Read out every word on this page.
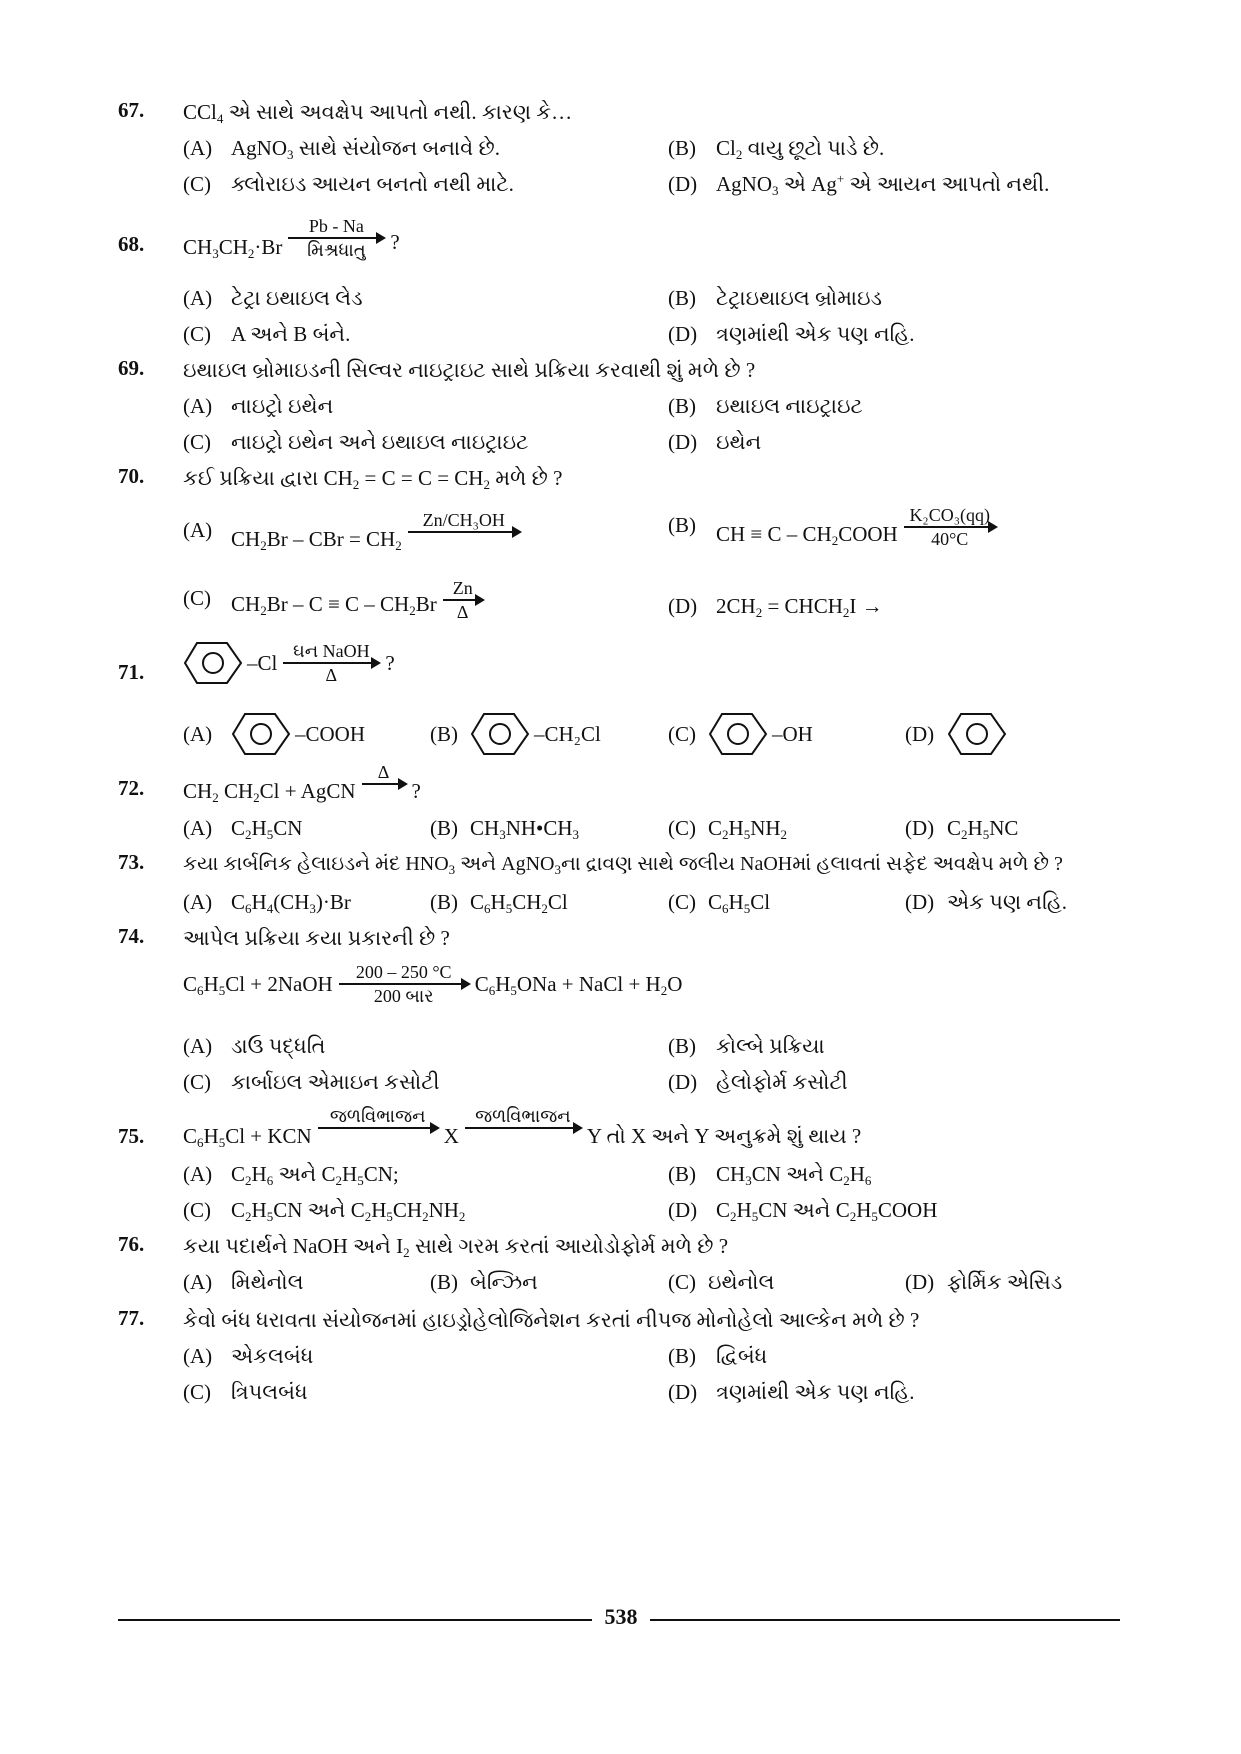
67. CCl$_4$ એ સાથે અવક્ષેપ આપતો નથી. કારણ કે…
(A) AgNO$_3$ સાથે સંયોજન બનાવે છે.	(B) $Cl_2$ વાયુ છૂટો પાડે છે.
(C) ક્લોરાઇડ આયન બનતો નથી માટે.	(D) AgNO$_3$ એ Ag+ એ આયન આપતો નથી.
68. $CH_3CH_2\cdot Br$
Pb - Na
મિશ્રધાતુ	?
(A) ટેટ્રા ઇથાઇલ લેડ	(B) ટેટ્રાઇથાઇલ બ્રોમાઇડ
(C) A અને B બંને.	(D) ત્રણમાંથી એક પણ નહિ.
69. ઇથાઇલ બ્રોમાઇડની સિલ્વર નાઇટ્રાઇટ સાથે પ્રક્રિયા કરવાથી શું મળે છે ?
(A) નાઇટ્રો ઇથેન	(B) ઇથાઇલ નાઇટ્રાઇટ
(C) નાઇટ્રો ઇથેન અને ઇથાઇલ નાઇટ્રાઇટ	(D) ઇથેન
70. કઈ પ્રક્રિયા દ્વારા $CH_2 = C = C = CH_2$ મળે છે ?
(A) $CH_2Br$ – CBr = $CH_2$
Zn/CH₃OH
	(B) CH ≡ C – $CH_2COOH \frac{\text{K₂CO₃(qq)}}{40^\circ C}$
(C) $CH_2Br - C \equiv C - CH_2Br \frac{Zn}{\Delta}$	(D) $2CH_2$ = $CHCH_2I$ →
71.	–Cl ઘન NaOH
Δ	?
(A)	–COOH	(B)	–CH₂Cl	(C)	–OH	(D)
72. $CH_2$ $CH_2Cl$ + AgCN
Δ

?
(A) $C_2H_5CN$	(B) $CH_3NH•CH_3$	(C) $C_2H_5NH_2$	(D) $C_2H_5NC$
73. કયા કાર્બનિક હેલાઇડને મંદ $HNO_3$ અને AgNO$_3$ના દ્રાવણ સાથે જલીય NaOHમાં હલાવતાં સફેદ અવક્ષેપ મળે છે ?
(A) $C_6H_4(CH_3)\cdot Br$	(B) $C_6H_5CH_2Cl$	(C) $C_6H_5Cl$	(D) એક પણ નહિ.
74. આપેલ પ્રક્રિયા કયા પ્રકારની છે ?
$C_6H_5Cl$ + 2NaOH	200 – 250 °C
200 બાર	$C_6H_5ONa$ + NaCl + $H_2O$
(A) ડાઉ પદ્ધતિ	(B) કોલ્બે પ્રક્રિયા
(C) કાર્બાઇલ એમાઇન કસોટી	(D) હેલોફોર્મ કસોટી
75. $C_6H_5Cl$ + KCN
જળવિભાજન

X
જળવિભાજન

Y તો X અને Y અનુક્રમે શું થાય ?
(A) $C_2H_6$ અને $C_2H_5CN$;	(B) $CH_3CN$ અને $C_2H_6$
(C) $C_2H_5CN$ અને $C_2H_5CH_2NH_2$	(D) $C_2H_5CN$ અને $C_2H_5COOH$
76. કયા પદાર્થને NaOH અને $I_2$ સાથે ગરમ કરતાં આયોડોફોર્મ મળે છે ?
(A) મિથેનોલ	(B) બેન્ઝિન	(C) ઇથેનોલ	(D) ફોર્મિક એસિડ
77. કેવો બંધ ધરાવતા સંયોજનમાં હાઇડ્રોહેલોજિનેશન કરતાં નીપજ મોનોહેલો આલ્કેન મળે છે ?
(A) એકલબંધ	(B) દ્વિબંધ
(C) ત્રિપલબંધ	(D) ત્રણમાંથી એક પણ નહિ.
538
